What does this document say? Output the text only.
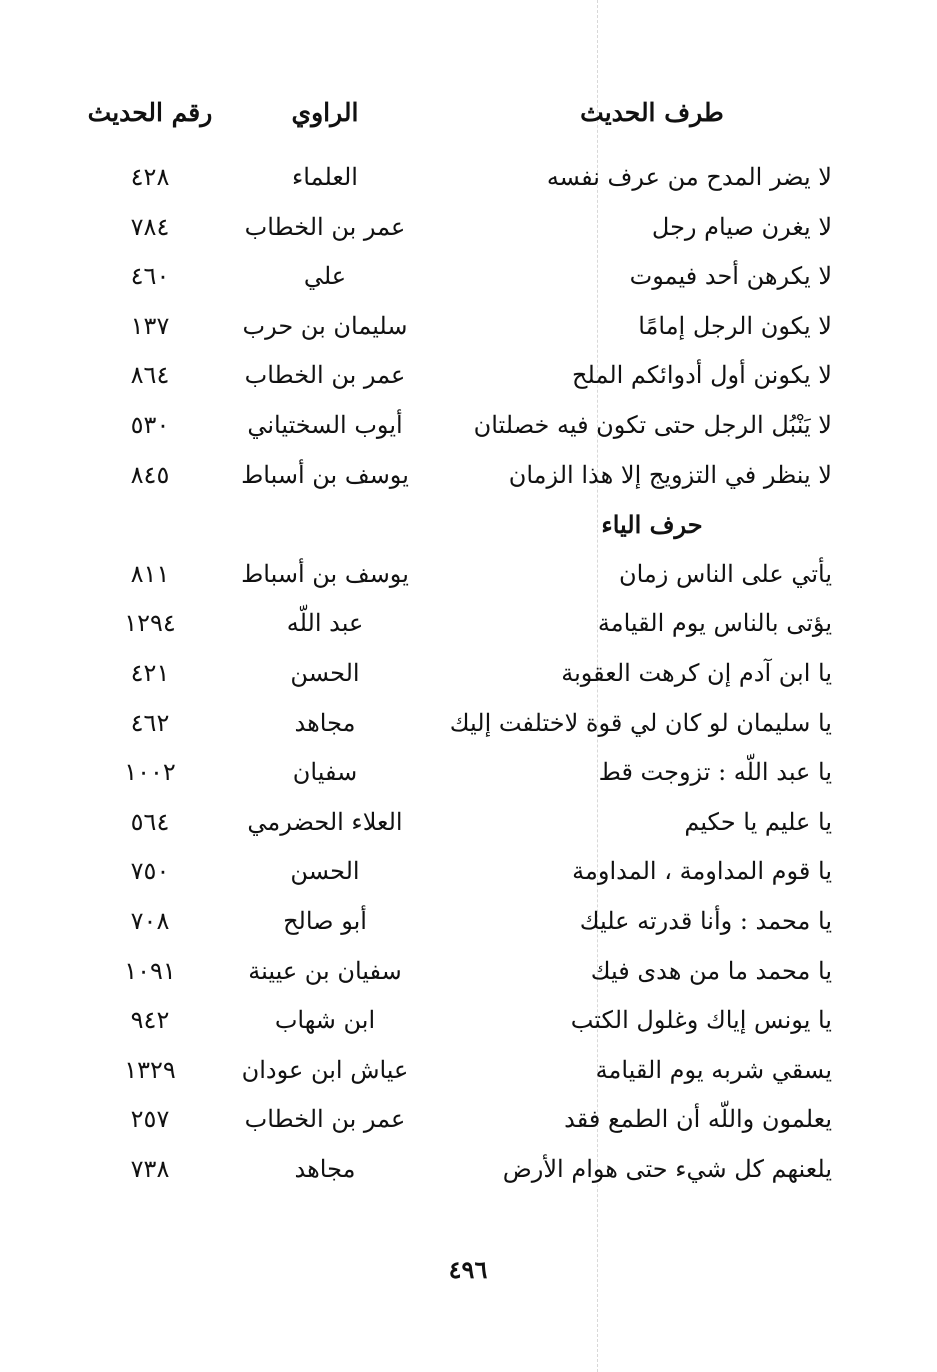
طرف الحديث
الراوي
رقم الحديث
لا يضر المدح من عرف نفسه
العلماء
٤٢٨
لا يغرن صيام رجل
عمر بن الخطاب
٧٨٤
لا يكرهن أحد فيموت
علي
٤٦٠
لا يكون الرجل إمامًا
سليمان بن حرب
١٣٧
لا يكونن أول أدوائكم الملح
عمر بن الخطاب
٨٦٤
لا يَنْبُل الرجل حتى تكون فيه خصلتان
أيوب السختياني
٥٣٠
لا ينظر في التزويج إلا هذا الزمان
يوسف بن أسباط
٨٤٥
حرف الياء
يأتي على الناس زمان
يوسف بن أسباط
٨١١
يؤتى بالناس يوم القيامة
عبد اللّه
١٢٩٤
يا ابن آدم إن كرهت العقوبة
الحسن
٤٢١
يا سليمان لو كان لي قوة لاختلفت إليك
مجاهد
٤٦٢
يا عبد اللّه : تزوجت قط
سفيان
١٠٠٢
يا عليم يا حكيم
العلاء الحضرمي
٥٦٤
يا قوم المداومة ، المداومة
الحسن
٧٥٠
يا محمد : وأنا قدرته عليك
أبو صالح
٧٠٨
يا محمد ما من هدى فيك
سفيان بن عيينة
١٠٩١
يا يونس إياك وغلول الكتب
ابن شهاب
٩٤٢
يسقي شربه يوم القيامة
عياش ابن عودان
١٣٢٩
يعلمون واللّه أن الطمع فقد
عمر بن الخطاب
٢٥٧
يلعنهم كل شيء حتى هوام الأرض
مجاهد
٧٣٨
٤٩٦
